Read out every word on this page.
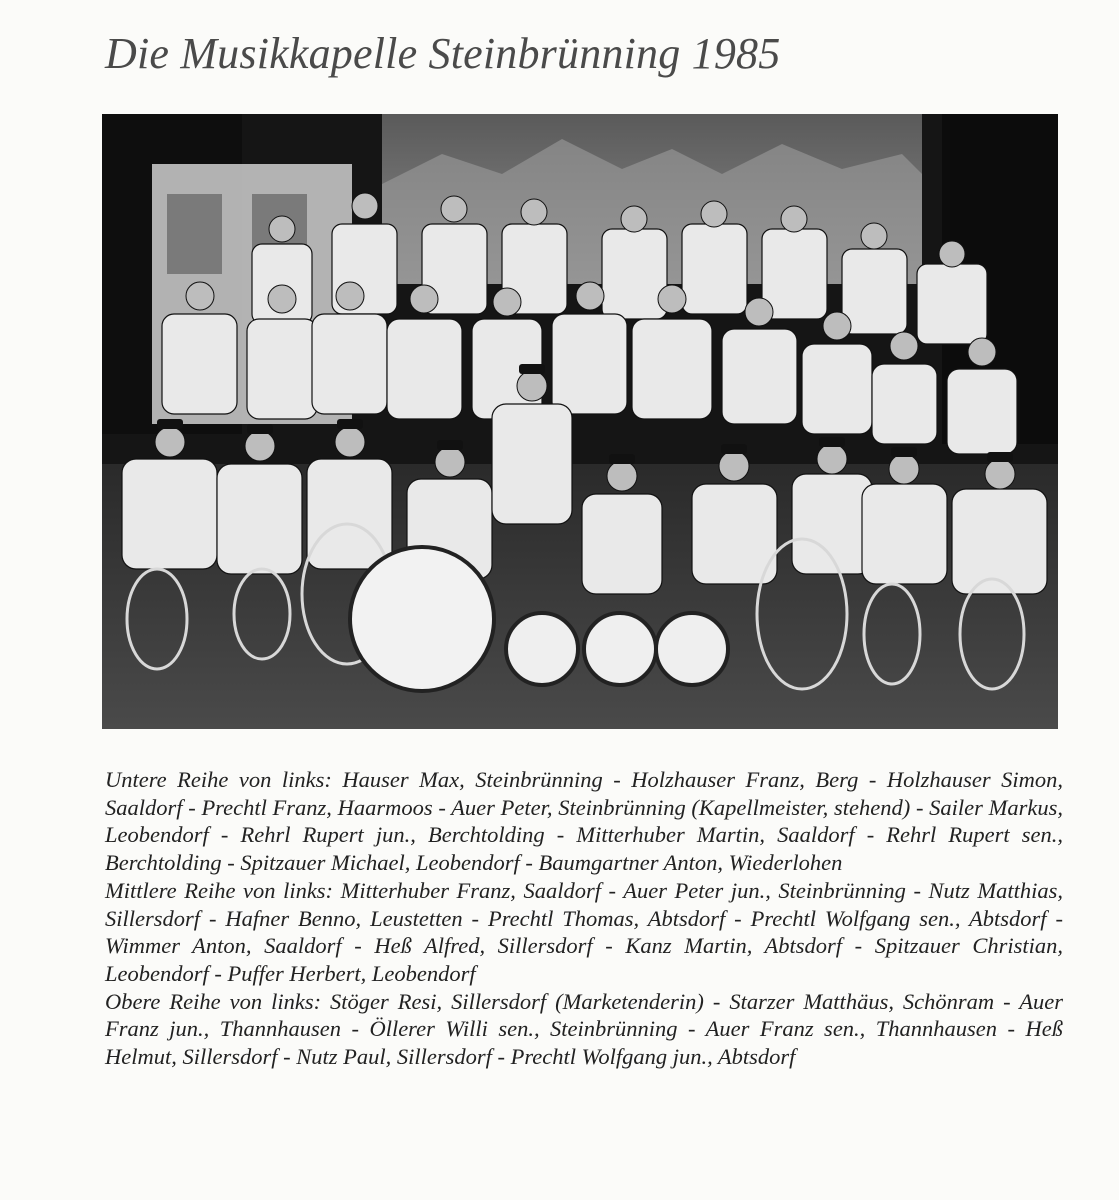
Die Musikkapelle Steinbrünning 1985

Untere Reihe von links: Hauser Max, Steinbrünning - Holzhauser Franz, Berg - Holzhauser Simon, Saaldorf - Prechtl Franz, Haarmoos - Auer Peter, Steinbrünning (Kapellmeister, stehend) - Sailer Markus, Leobendorf - Rehrl Rupert jun., Berchtolding - Mitterhuber Martin, Saaldorf - Rehrl Rupert sen., Berchtolding - Spitzauer Michael, Leobendorf - Baumgartner Anton, Wiederlohen

Mittlere Reihe von links: Mitterhuber Franz, Saaldorf - Auer Peter jun., Steinbrünning - Nutz Matthias, Sillersdorf - Hafner Benno, Leustetten - Prechtl Thomas, Abtsdorf - Prechtl Wolfgang sen., Abtsdorf - Wimmer Anton, Saaldorf - Heß Alfred, Sillersdorf - Kanz Martin, Abtsdorf - Spitzauer Christian, Leobendorf - Puffer Herbert, Leobendorf

Obere Reihe von links: Stöger Resi, Sillersdorf (Marketenderin) - Starzer Matthäus, Schönram - Auer Franz jun., Thannhausen - Öllerer Willi sen., Steinbrünning - Auer Franz sen., Thannhausen - Heß Helmut, Sillersdorf - Nutz Paul, Sillersdorf - Prechtl Wolfgang jun., Abtsdorf
